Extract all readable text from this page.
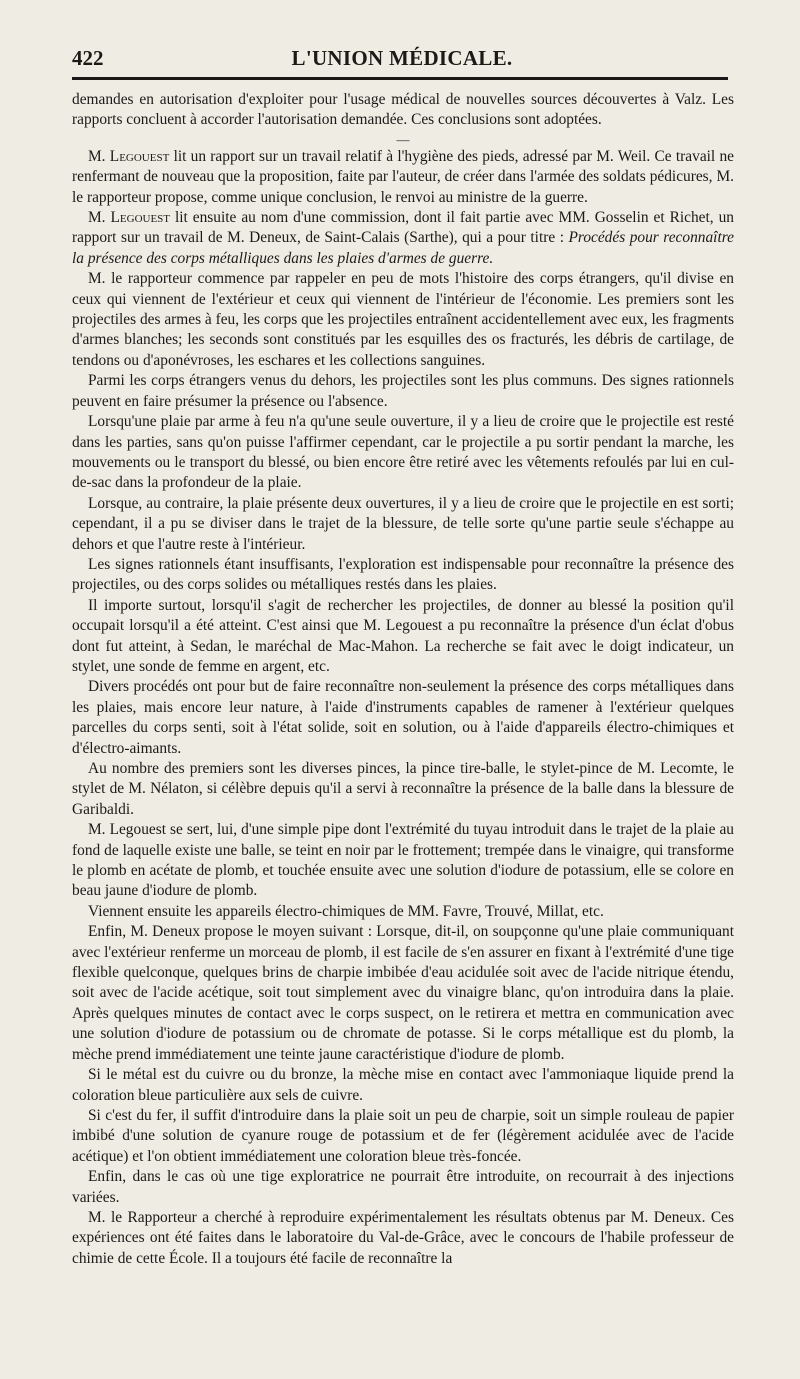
422	L'UNION MÉDICALE.

demandes en autorisation d'exploiter pour l'usage médical de nouvelles sources découvertes à Valz. Les rapports concluent à accorder l'autorisation demandée. Ces conclusions sont adoptées.

—

M. Legouest lit un rapport sur un travail relatif à l'hygiène des pieds, adressé par M. Weil. Ce travail ne renfermant de nouveau que la proposition, faite par l'auteur, de créer dans l'armée des soldats pédicures, M. le rapporteur propose, comme unique conclusion, le renvoi au ministre de la guerre.

M. Legouest lit ensuite au nom d'une commission, dont il fait partie avec MM. Gosselin et Richet, un rapport sur un travail de M. Deneux, de Saint-Calais (Sarthe), qui a pour titre : Procédés pour reconnaître la présence des corps métalliques dans les plaies d'armes de guerre.

M. le rapporteur commence par rappeler en peu de mots l'histoire des corps étrangers, qu'il divise en ceux qui viennent de l'extérieur et ceux qui viennent de l'intérieur de l'économie. Les premiers sont les projectiles des armes à feu, les corps que les projectiles entraînent accidentellement avec eux, les fragments d'armes blanches; les seconds sont constitués par les esquilles des os fracturés, les débris de cartilage, de tendons ou d'aponévroses, les eschares et les collections sanguines.

Parmi les corps étrangers venus du dehors, les projectiles sont les plus communs. Des signes rationnels peuvent en faire présumer la présence ou l'absence.

Lorsqu'une plaie par arme à feu n'a qu'une seule ouverture, il y a lieu de croire que le projectile est resté dans les parties, sans qu'on puisse l'affirmer cependant, car le projectile a pu sortir pendant la marche, les mouvements ou le transport du blessé, ou bien encore être retiré avec les vêtements refoulés par lui en cul-de-sac dans la profondeur de la plaie.

Lorsque, au contraire, la plaie présente deux ouvertures, il y a lieu de croire que le projectile en est sorti; cependant, il a pu se diviser dans le trajet de la blessure, de telle sorte qu'une partie seule s'échappe au dehors et que l'autre reste à l'intérieur.

Les signes rationnels étant insuffisants, l'exploration est indispensable pour reconnaître la présence des projectiles, ou des corps solides ou métalliques restés dans les plaies.

Il importe surtout, lorsqu'il s'agit de rechercher les projectiles, de donner au blessé la position qu'il occupait lorsqu'il a été atteint. C'est ainsi que M. Legouest a pu reconnaître la présence d'un éclat d'obus dont fut atteint, à Sedan, le maréchal de Mac-Mahon. La recherche se fait avec le doigt indicateur, un stylet, une sonde de femme en argent, etc.

Divers procédés ont pour but de faire reconnaître non-seulement la présence des corps métalliques dans les plaies, mais encore leur nature, à l'aide d'instruments capables de ramener à l'extérieur quelques parcelles du corps senti, soit à l'état solide, soit en solution, ou à l'aide d'appareils électro-chimiques et d'électro-aimants.

Au nombre des premiers sont les diverses pinces, la pince tire-balle, le stylet-pince de M. Lecomte, le stylet de M. Nélaton, si célèbre depuis qu'il a servi à reconnaître la présence de la balle dans la blessure de Garibaldi.

M. Legouest se sert, lui, d'une simple pipe dont l'extrémité du tuyau introduit dans le trajet de la plaie au fond de laquelle existe une balle, se teint en noir par le frottement; trempée dans le vinaigre, qui transforme le plomb en acétate de plomb, et touchée ensuite avec une solution d'iodure de potassium, elle se colore en beau jaune d'iodure de plomb.

Viennent ensuite les appareils électro-chimiques de MM. Favre, Trouvé, Millat, etc.

Enfin, M. Deneux propose le moyen suivant : Lorsque, dit-il, on soupçonne qu'une plaie communiquant avec l'extérieur renferme un morceau de plomb, il est facile de s'en assurer en fixant à l'extrémité d'une tige flexible quelconque, quelques brins de charpie imbibée d'eau acidulée soit avec de l'acide nitrique étendu, soit avec de l'acide acétique, soit tout simplement avec du vinaigre blanc, qu'on introduira dans la plaie. Après quelques minutes de contact avec le corps suspect, on le retirera et mettra en communication avec une solution d'iodure de potassium ou de chromate de potasse. Si le corps métallique est du plomb, la mèche prend immédiatement une teinte jaune caractéristique d'iodure de plomb.

Si le métal est du cuivre ou du bronze, la mèche mise en contact avec l'ammoniaque liquide prend la coloration bleue particulière aux sels de cuivre.

Si c'est du fer, il suffit d'introduire dans la plaie soit un peu de charpie, soit un simple rouleau de papier imbibé d'une solution de cyanure rouge de potassium et de fer (légèrement acidulée avec de l'acide acétique) et l'on obtient immédiatement une coloration bleue très-foncée.

Enfin, dans le cas où une tige exploratrice ne pourrait être introduite, on recourrait à des injections variées.

M. le Rapporteur a cherché à reproduire expérimentalement les résultats obtenus par M. Deneux. Ces expériences ont été faites dans le laboratoire du Val-de-Grâce, avec le concours de l'habile professeur de chimie de cette École. Il a toujours été facile de reconnaître la
